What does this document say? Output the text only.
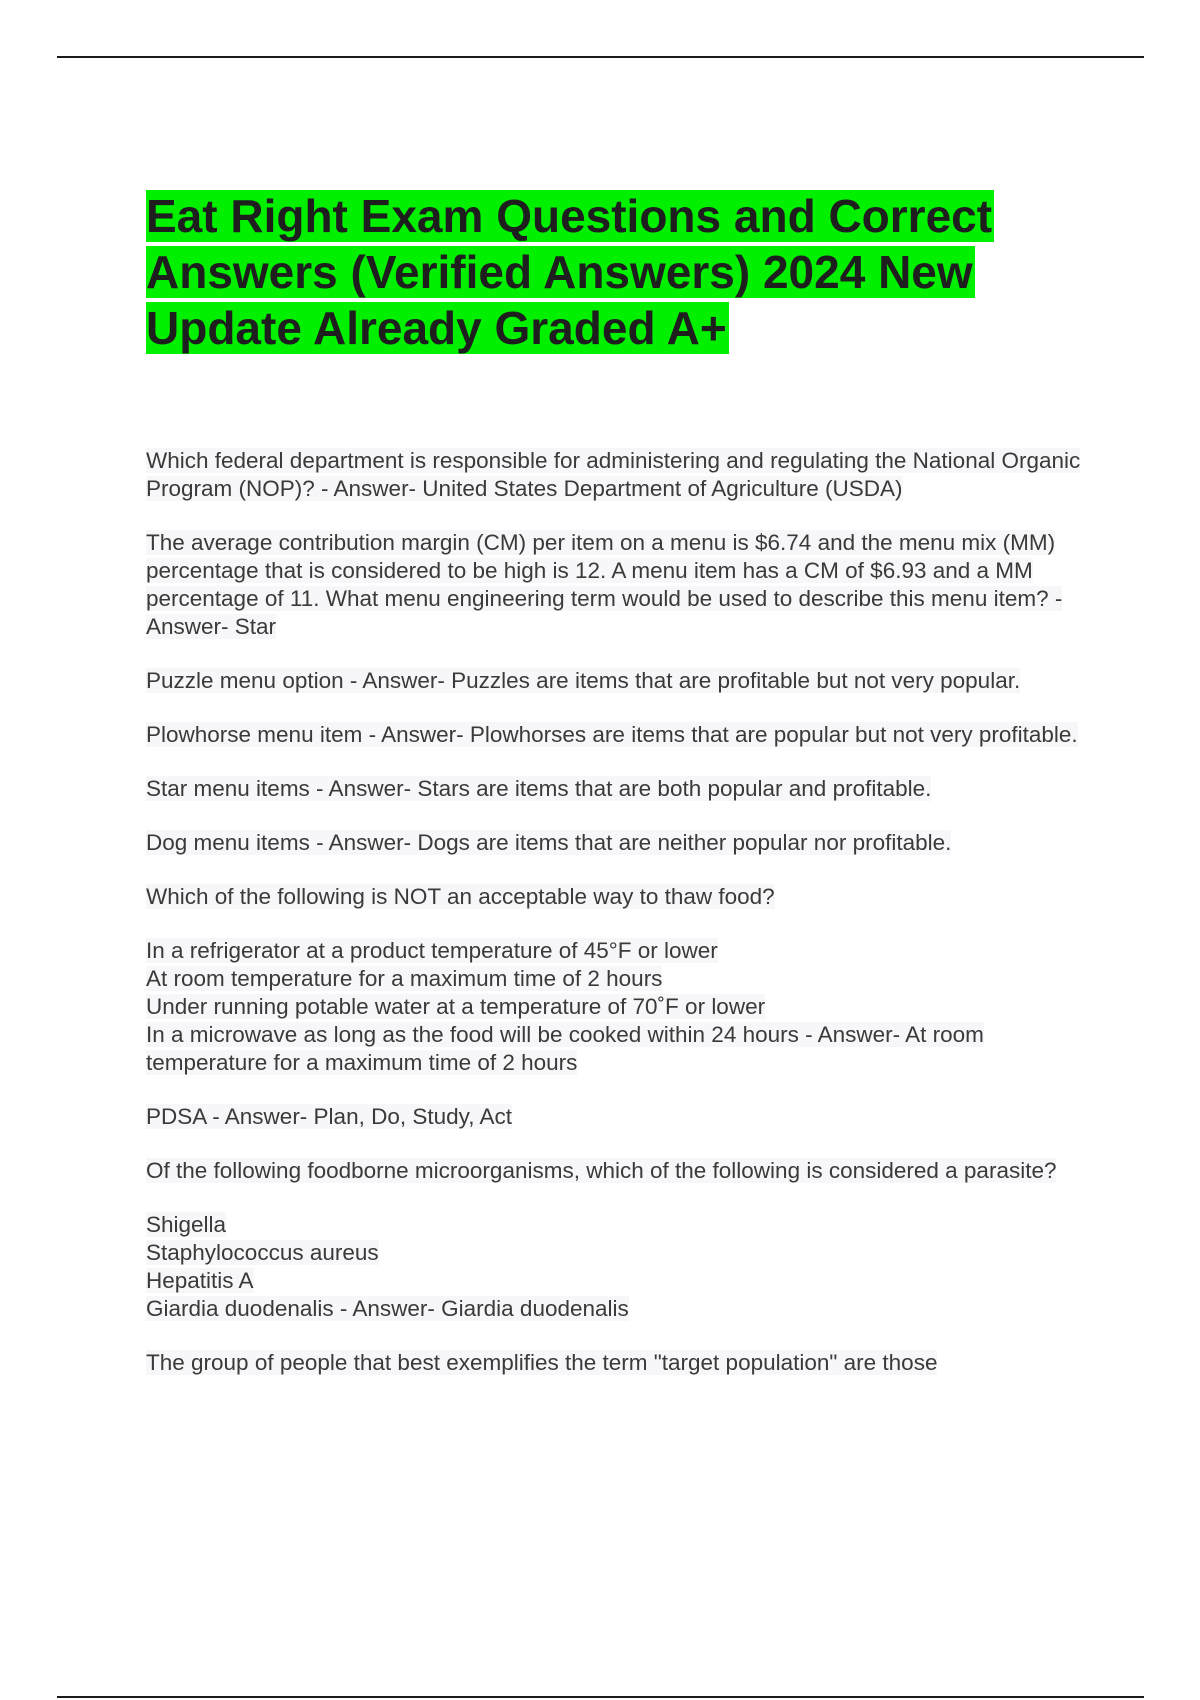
Eat Right Exam Questions and Correct Answers (Verified Answers) 2024 New Update Already Graded A+

Which federal department is responsible for administering and regulating the National Organic Program (NOP)? - Answer- United States Department of Agriculture (USDA)

The average contribution margin (CM) per item on a menu is $6.74 and the menu mix (MM) percentage that is considered to be high is 12. A menu item has a CM of $6.93 and a MM percentage of 11. What menu engineering term would be used to describe this menu item? - Answer- Star

Puzzle menu option - Answer- Puzzles are items that are profitable but not very popular.

Plowhorse menu item - Answer- Plowhorses are items that are popular but not very profitable.

Star menu items - Answer- Stars are items that are both popular and profitable.

Dog menu items - Answer- Dogs are items that are neither popular nor profitable.

Which of the following is NOT an acceptable way to thaw food?

In a refrigerator at a product temperature of 45°F or lower
At room temperature for a maximum time of 2 hours
Under running potable water at a temperature of 70˚F or lower
In a microwave as long as the food will be cooked within 24 hours - Answer- At room temperature for a maximum time of 2 hours

PDSA - Answer- Plan, Do, Study, Act

Of the following foodborne microorganisms, which of the following is considered a parasite?

Shigella
Staphylococcus aureus
Hepatitis A
Giardia duodenalis - Answer- Giardia duodenalis

The group of people that best exemplifies the term "target population" are those
